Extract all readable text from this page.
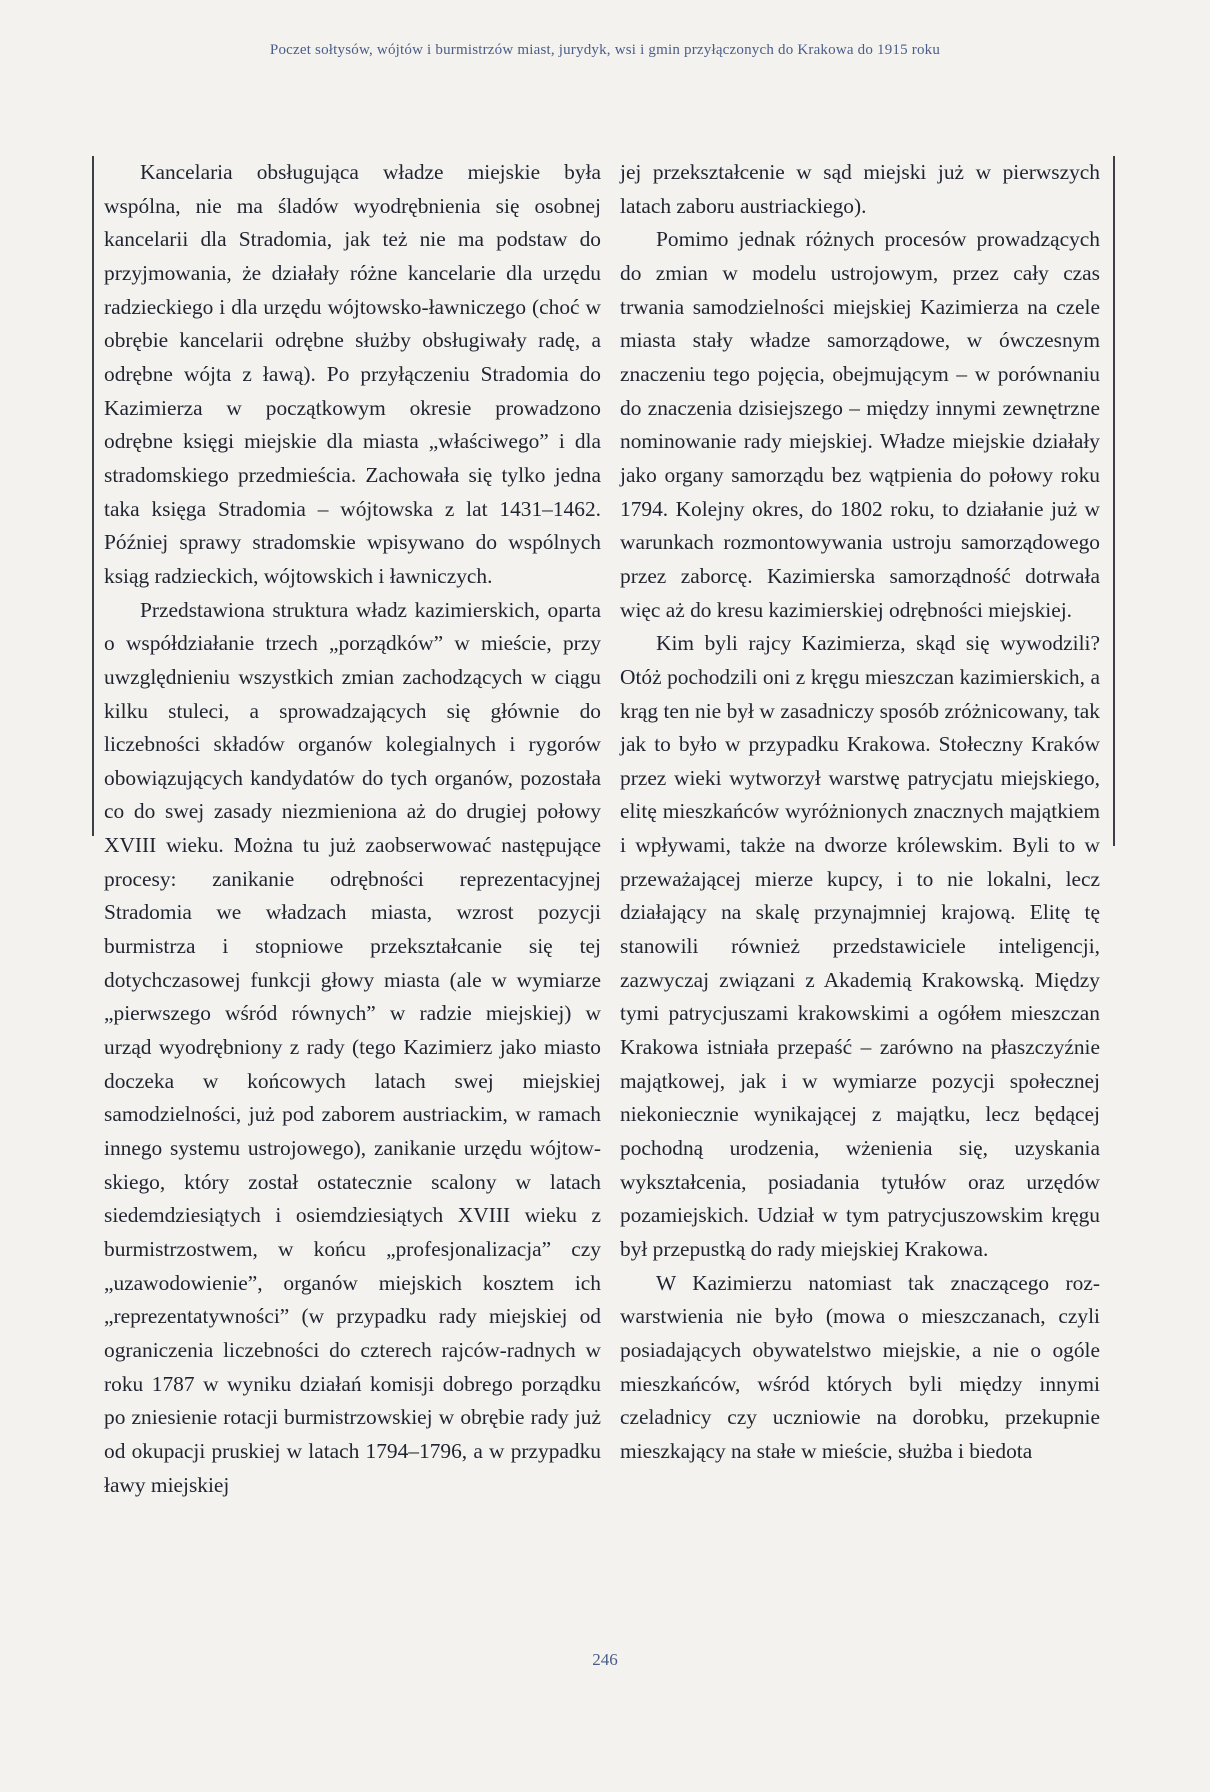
Poczet sołtysów, wójtów i burmistrzów miast, jurydyk, wsi i gmin przyłączonych do Krakowa do 1915 roku

Kancelaria obsługująca władze miejskie była wspólna, nie ma śladów wyodrębnienia się osobnej kancelarii dla Stradomia, jak też nie ma podstaw do przyjmowania, że działały różne kancelarie dla urzędu radzieckiego i dla urzędu wójtowsko-ławniczego (choć w obrębie kancelarii odrębne służby obsługiwały radę, a odrębne wójta z ławą). Po przyłączeniu Stradomia do Kazimierza w początkowym okresie prowadzono odrębne księgi miejskie dla miasta „właściwego” i dla stradomskiego przedmieścia. Zachowała się tylko jedna taka księga Stradomia – wójtowska z lat 1431–1462. Później sprawy stradomskie wpisywano do wspólnych ksiąg radzieckich, wójtowskich i ławniczych.

Przedstawiona struktura władz kazimierskich, oparta o współdziałanie trzech „porządków” w mieście, przy uwzględnieniu wszystkich zmian zachodzących w ciągu kilku stuleci, a sprowadzających się głównie do liczebności składów organów kolegialnych i rygorów obowiązujących kandydatów do tych organów, pozostała co do swej zasady niezmieniona aż do drugiej połowy XVIII wieku. Można tu już zaobserwować następujące procesy: zanikanie odrębności reprezentacyjnej Stradomia we władzach miasta, wzrost pozycji burmistrza i stopniowe przekształcanie się tej dotychczasowej funkcji głowy miasta (ale w wymiarze „pierwszego wśród równych” w radzie miejskiej) w urząd wyodrębniony z rady (tego Kazimierz jako miasto doczeka w końcowych latach swej miejskiej samodzielności, już pod zaborem austriackim, w ramach innego systemu ustrojowego), zanikanie urzędu wójtowskiego, który został ostatecznie scalony w latach siedemdziesiątych i osiemdziesiątych XVIII wieku z burmistrzostwem, w końcu „profesjonalizacja” czy „uzawodowienie”, organów miejskich kosztem ich „reprezentatywności” (w przypadku rady miejskiej od ograniczenia liczebności do czterech rajców-radnych w roku 1787 w wyniku działań komisji dobrego porządku po zniesienie rotacji burmistrzowskiej w obrębie rady już od okupacji pruskiej w latach 1794–1796, a w przypadku ławy miejskiej

jej przekształcenie w sąd miejski już w pierwszych latach zaboru austriackiego).

Pomimo jednak różnych procesów prowadzących do zmian w modelu ustrojowym, przez cały czas trwania samodzielności miejskiej Kazimierza na czele miasta stały władze samorządowe, w ówczesnym znaczeniu tego pojęcia, obejmującym – w porównaniu do znaczenia dzisiejszego – między innymi zewnętrzne nominowanie rady miejskiej. Władze miejskie działały jako organy samorządu bez wątpienia do połowy roku 1794. Kolejny okres, do 1802 roku, to działanie już w warunkach rozmontowywania ustroju samorządowego przez zaborcę. Kazimierska samorządność dotrwała więc aż do kresu kazimierskiej odrębności miejskiej.

Kim byli rajcy Kazimierza, skąd się wywodzili? Otóż pochodzili oni z kręgu mieszczan kazimierskich, a krąg ten nie był w zasadniczy sposób zróżnicowany, tak jak to było w przypadku Krakowa. Stołeczny Kraków przez wieki wytworzył warstwę patrycjatu miejskiego, elitę mieszkańców wyróżnionych znacznych majątkiem i wpływami, także na dworze królewskim. Byli to w przeważającej mierze kupcy, i to nie lokalni, lecz działający na skalę przynajmniej krajową. Elitę tę stanowili również przedstawiciele inteligencji, zazwyczaj związani z Akademią Krakowską. Między tymi patrycjuszami krakowskimi a ogółem mieszczan Krakowa istniała przepaść – zarówno na płaszczyźnie majątkowej, jak i w wymiarze pozycji społecznej niekoniecznie wynikającej z majątku, lecz będącej pochodną urodzenia, wżenienia się, uzyskania wykształcenia, posiadania tytułów oraz urzędów pozamiejskich. Udział w tym patrycjuszowskim kręgu był przepustką do rady miejskiej Krakowa.

W Kazimierzu natomiast tak znaczącego rozwarstwienia nie było (mowa o mieszczanach, czyli posiadających obywatelstwo miejskie, a nie o ogóle mieszkańców, wśród których byli między innymi czeladnicy czy uczniowie na dorobku, przekupnie mieszkający na stałe w mieście, służba i biedota

246
